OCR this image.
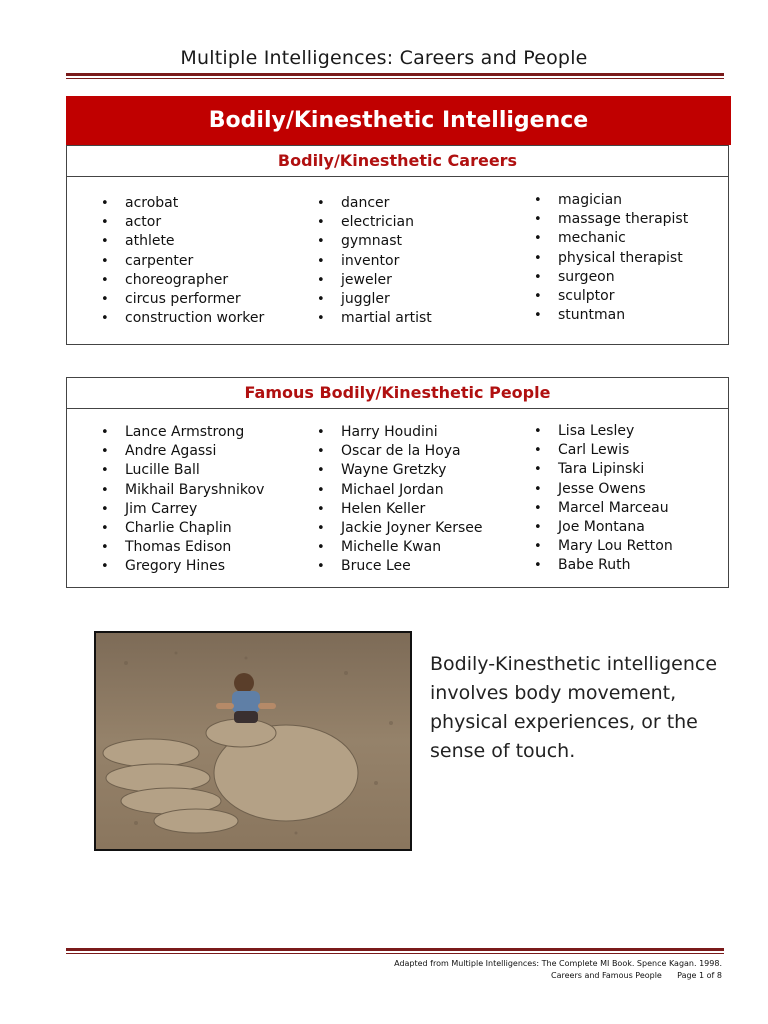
Multiple Intelligences: Careers and People
Bodily/Kinesthetic Intelligence
Bodily/Kinesthetic Careers
• acrobat
• actor
• athlete
• carpenter
• choreographer
• circus performer
• construction worker
• dancer
• electrician
• gymnast
• inventor
• jeweler
• juggler
• martial artist
• magician
• massage therapist
• mechanic
• physical therapist
• surgeon
• sculptor
• stuntman
Famous Bodily/Kinesthetic People
• Lance Armstrong
• Andre Agassi
• Lucille Ball
• Mikhail Baryshnikov
• Jim Carrey
• Charlie Chaplin
• Thomas Edison
• Gregory Hines
• Harry Houdini
• Oscar de la Hoya
• Wayne Gretzky
• Michael Jordan
• Helen Keller
• Jackie Joyner Kersee
• Michelle Kwan
• Bruce Lee
• Lisa Lesley
• Carl Lewis
• Tara Lipinski
• Jesse Owens
• Marcel Marceau
• Joe Montana
• Mary Lou Retton
• Babe Ruth
Bodily-Kinesthetic intelligence involves body movement, physical experiences, or the sense of touch.
Adapted from Multiple Intelligences: The Complete MI Book. Spence Kagan. 1998.
Careers and Famous People      Page 1 of 8
